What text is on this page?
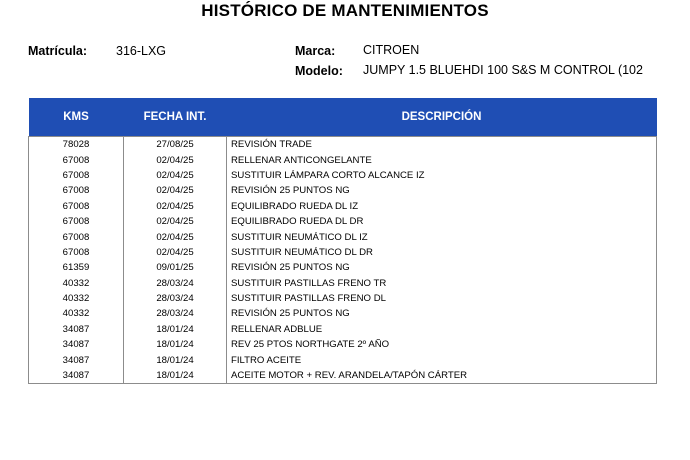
HISTÓRICO DE MANTENIMIENTOS
Matrícula: 316-LXG	Marca: CITROEN
Modelo: JUMPY 1.5 BLUEHDI 100 S&S M CONTROL (102
KMS	FECHA INT.	DESCRIPCIÓN
78028	27/08/25	REVISIÓN TRADE
67008	02/04/25	RELLENAR ANTICONGELANTE
67008	02/04/25	SUSTITUIR LÁMPARA CORTO ALCANCE IZ
67008	02/04/25	REVISIÓN 25 PUNTOS NG
67008	02/04/25	EQUILIBRADO RUEDA DL IZ
67008	02/04/25	EQUILIBRADO RUEDA DL DR
67008	02/04/25	SUSTITUIR NEUMÁTICO DL IZ
67008	02/04/25	SUSTITUIR NEUMÁTICO DL DR
61359	09/01/25	REVISIÓN 25 PUNTOS NG
40332	28/03/24	SUSTITUIR PASTILLAS FRENO TR
40332	28/03/24	SUSTITUIR PASTILLAS FRENO DL
40332	28/03/24	REVISIÓN 25 PUNTOS NG
34087	18/01/24	RELLENAR ADBLUE
34087	18/01/24	REV 25 PTOS NORTHGATE 2º AÑO
34087	18/01/24	FILTRO ACEITE
34087	18/01/24	ACEITE MOTOR + REV. ARANDELA/TAPÓN CÁRTER
